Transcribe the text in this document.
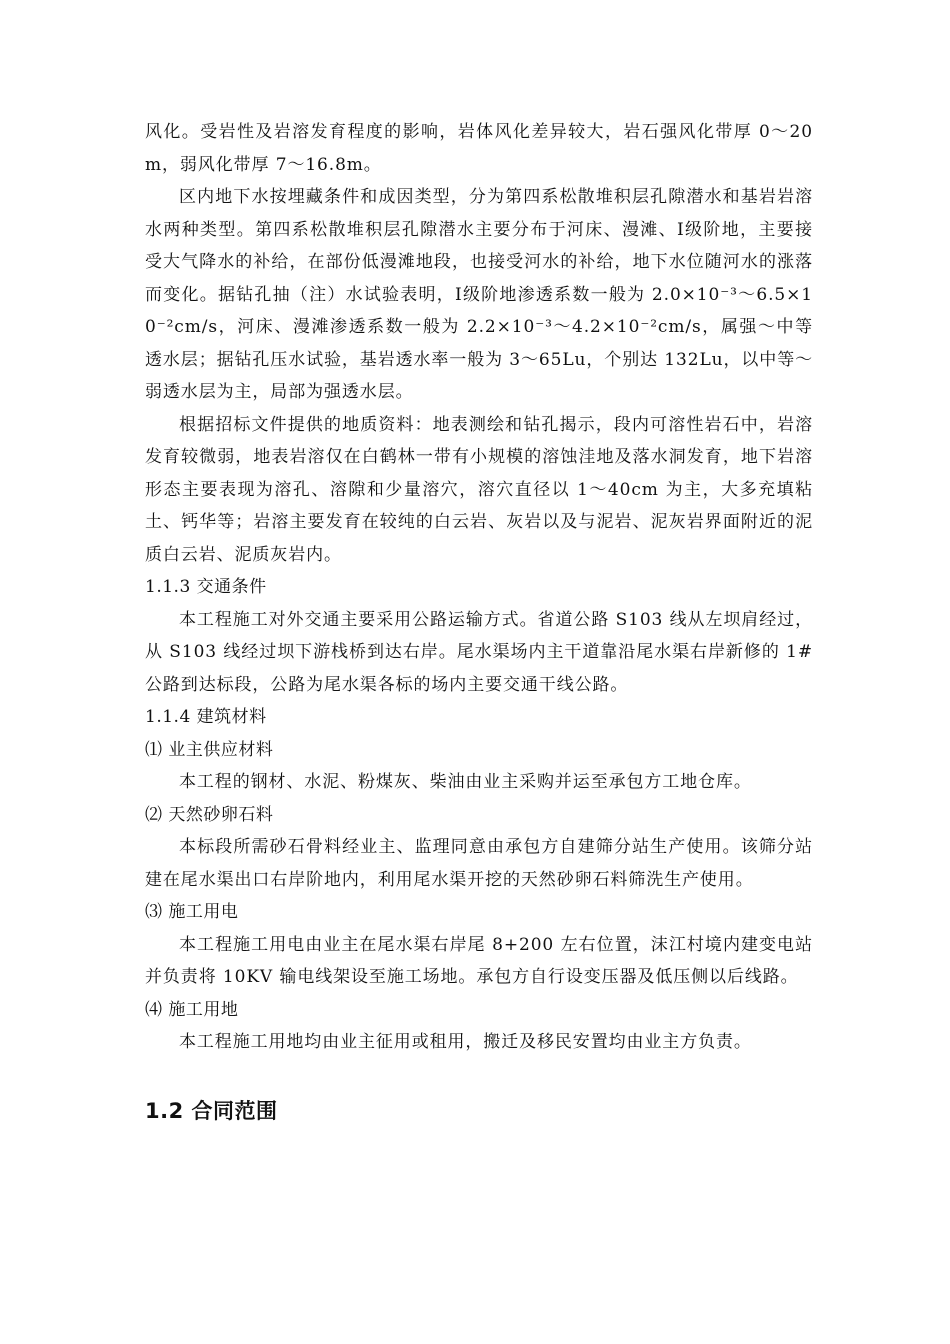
风化。受岩性及岩溶发育程度的影响，岩体风化差异较大，岩石强风化带厚 0～20m，弱风化带厚 7～16.8m。

区内地下水按埋藏条件和成因类型，分为第四系松散堆积层孔隙潜水和基岩岩溶水两种类型。第四系松散堆积层孔隙潜水主要分布于河床、漫滩、Ⅰ级阶地，主要接受大气降水的补给，在部份低漫滩地段，也接受河水的补给，地下水位随河水的涨落而变化。据钻孔抽（注）水试验表明，Ⅰ级阶地渗透系数一般为 2.0×10⁻³～6.5×10⁻²cm/s，河床、漫滩渗透系数一般为 2.2×10⁻³～4.2×10⁻²cm/s，属强～中等透水层；据钻孔压水试验，基岩透水率一般为 3～65Lu，个别达 132Lu，以中等～弱透水层为主，局部为强透水层。

根据招标文件提供的地质资料：地表测绘和钻孔揭示，段内可溶性岩石中，岩溶发育较微弱，地表岩溶仅在白鹤林一带有小规模的溶蚀洼地及落水洞发育，地下岩溶形态主要表现为溶孔、溶隙和少量溶穴，溶穴直径以 1～40cm 为主，大多充填粘土、钙华等；岩溶主要发育在较纯的白云岩、灰岩以及与泥岩、泥灰岩界面附近的泥质白云岩、泥质灰岩内。

1.1.3 交通条件

本工程施工对外交通主要采用公路运输方式。省道公路 S103 线从左坝肩经过，从 S103 线经过坝下游栈桥到达右岸。尾水渠场内主干道靠沿尾水渠右岸新修的 1#公路到达标段，公路为尾水渠各标的场内主要交通干线公路。

1.1.4 建筑材料

⑴ 业主供应材料

本工程的钢材、水泥、粉煤灰、柴油由业主采购并运至承包方工地仓库。

⑵ 天然砂卵石料

本标段所需砂石骨料经业主、监理同意由承包方自建筛分站生产使用。该筛分站建在尾水渠出口右岸阶地内，利用尾水渠开挖的天然砂卵石料筛洗生产使用。

⑶ 施工用电

本工程施工用电由业主在尾水渠右岸尾 8+200 左右位置，沫江村境内建变电站并负责将 10KV 输电线架设至施工场地。承包方自行设变压器及低压侧以后线路。

⑷ 施工用地

本工程施工用地均由业主征用或租用，搬迁及移民安置均由业主方负责。

1.2 合同范围
